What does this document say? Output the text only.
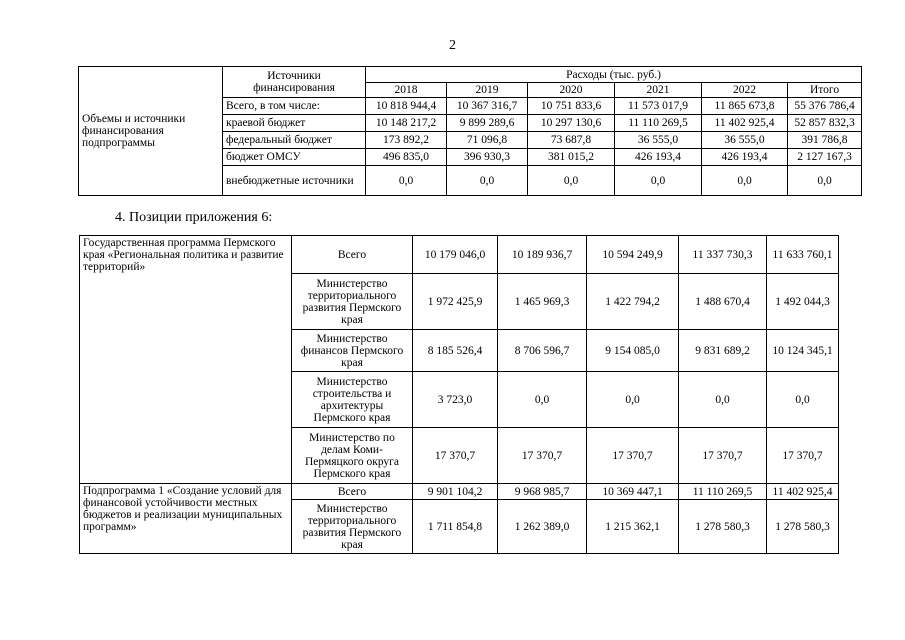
2
Объемы и источники финансирования подпрограммы	Источники финансирования	Расходы (тыс. руб.)					
		2018	2019	2020	2021	2022	Итого
	Всего, в том числе:	10 818 944,4	10 367 316,7	10 751 833,6	11 573 017,9	11 865 673,8	55 376 786,4
	краевой бюджет	10 148 217,2	9 899 289,6	10 297 130,6	11 110 269,5	11 402 925,4	52 857 832,3
	федеральный бюджет	173 892,2	71 096,8	73 687,8	36 555,0	36 555,0	391 786,8
	бюджет ОМСУ	496 835,0	396 930,3	381 015,2	426 193,4	426 193,4	2 127 167,3
	внебюджетные источники	0,0	0,0	0,0	0,0	0,0	0,0
4. Позиции приложения 6:
Государственная программа Пермского края «Региональная политика и развитие территорий»	Всего	10 179 046,0	10 189 936,7	10 594 249,9	11 337 730,3	11 633 760,1
	Министерство территориального развития Пермского края	1 972 425,9	1 465 969,3	1 422 794,2	1 488 670,4	1 492 044,3
	Министерство финансов Пермского края	8 185 526,4	8 706 596,7	9 154 085,0	9 831 689,2	10 124 345,1
	Министерство строительства и архитектуры Пермского края	3 723,0	0,0	0,0	0,0	0,0
	Министерство по делам Коми-Пермяцкого округа Пермского края	17 370,7	17 370,7	17 370,7	17 370,7	17 370,7
Подпрограмма 1 «Создание условий для финансовой устойчивости местных бюджетов и реализации муниципальных программ»	Всего	9 901 104,2	9 968 985,7	10 369 447,1	11 110 269,5	11 402 925,4
	Министерство территориального развития Пермского края	1 711 854,8	1 262 389,0	1 215 362,1	1 278 580,3	1 278 580,3
